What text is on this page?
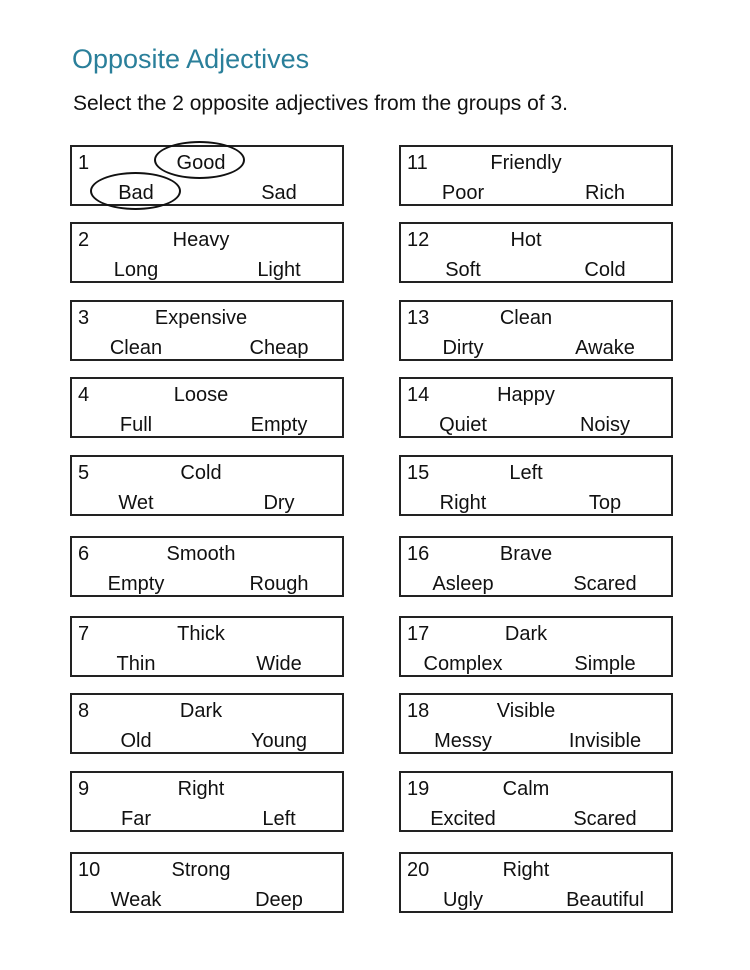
Opposite Adjectives
Select the 2 opposite adjectives from the groups of 3.
1	Good
Bad	Sad
2	Heavy
Long	Light
3	Expensive
Clean	Cheap
4	Loose
Full	Empty
5	Cold
Wet	Dry
6	Smooth
Empty	Rough
7	Thick
Thin	Wide
8	Dark
Old	Young
9	Right
Far	Left
10	Strong
Weak	Deep
11	Friendly
Poor	Rich
12	Hot
Soft	Cold
13	Clean
Dirty	Awake
14	Happy
Quiet	Noisy
15	Left
Right	Top
16	Brave
Asleep	Scared
17	Dark
Complex	Simple
18	Visible
Messy	Invisible
19	Calm
Excited	Scared
20	Right
Ugly	Beautiful
